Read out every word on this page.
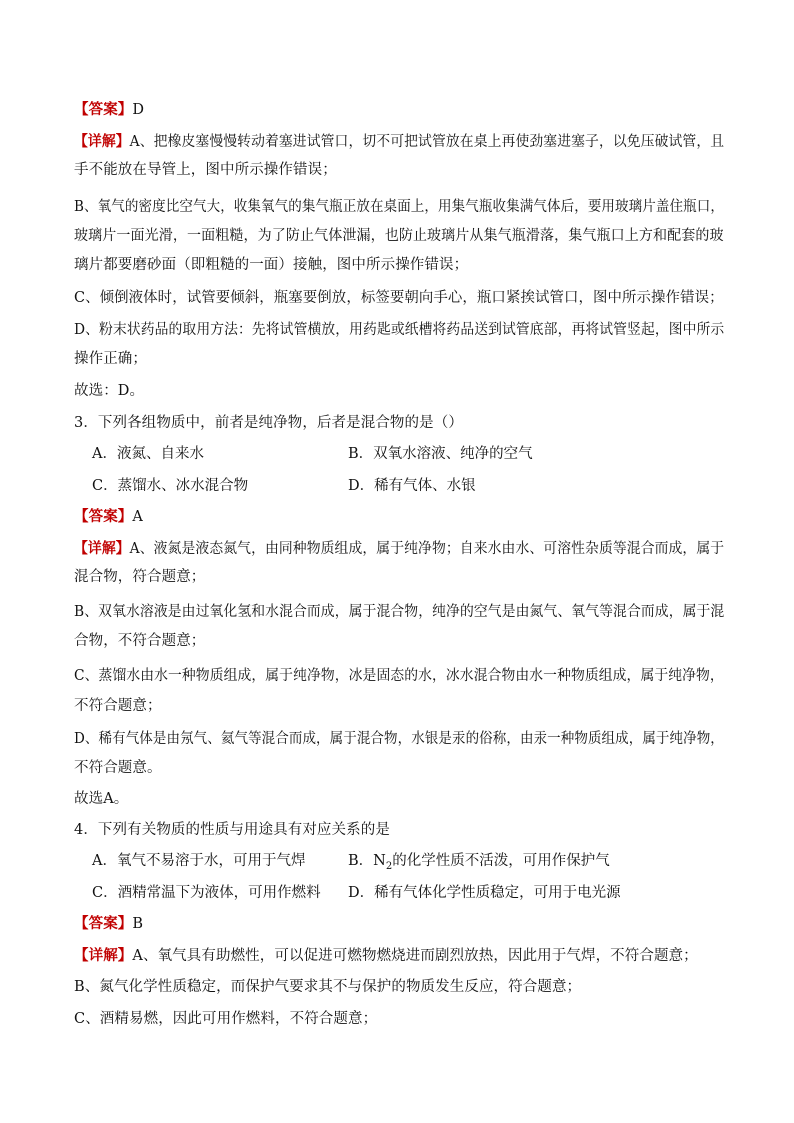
【答案】D
【详解】A、把橡皮塞慢慢转动着塞进试管口，切不可把试管放在桌上再使劲塞进塞子，以免压破试管，且
手不能放在导管上，图中所示操作错误；
B、氧气的密度比空气大，收集氧气的集气瓶正放在桌面上，用集气瓶收集满气体后，要用玻璃片盖住瓶口，
玻璃片一面光滑，一面粗糙，为了防止气体泄漏，也防止玻璃片从集气瓶滑落，集气瓶口上方和配套的玻
璃片都要磨砂面（即粗糙的一面）接触，图中所示操作错误；
C、倾倒液体时，试管要倾斜，瓶塞要倒放，标签要朝向手心，瓶口紧挨试管口，图中所示操作错误；
D、粉末状药品的取用方法：先将试管横放，用药匙或纸槽将药品送到试管底部，再将试管竖起，图中所示
操作正确；
故选：D。
3．下列各组物质中，前者是纯净物，后者是混合物的是（）
A．液氮、自来水	B．双氧水溶液、纯净的空气
C．蒸馏水、冰水混合物	D．稀有气体、水银
【答案】A
【详解】A、液氮是液态氮气，由同种物质组成，属于纯净物；自来水由水、可溶性杂质等混合而成，属于
混合物，符合题意；
B、双氧水溶液是由过氧化氢和水混合而成，属于混合物，纯净的空气是由氮气、氧气等混合而成，属于混
合物，不符合题意；
C、蒸馏水由水一种物质组成，属于纯净物，冰是固态的水，冰水混合物由水一种物质组成，属于纯净物，
不符合题意；
D、稀有气体是由氖气、氦气等混合而成，属于混合物，水银是汞的俗称，由汞一种物质组成，属于纯净物，
不符合题意。
故选A。
4．下列有关物质的性质与用途具有对应关系的是
A．氧气不易溶于水，可用于气焊	B．$N_2$的化学性质不活泼，可用作保护气
C．酒精常温下为液体，可用作燃料 D．稀有气体化学性质稳定，可用于电光源
【答案】B
【详解】A、氧气具有助燃性，可以促进可燃物燃烧进而剧烈放热，因此用于气焊，不符合题意；
B、氮气化学性质稳定，而保护气要求其不与保护的物质发生反应，符合题意；
C、酒精易燃，因此可用作燃料，不符合题意；
